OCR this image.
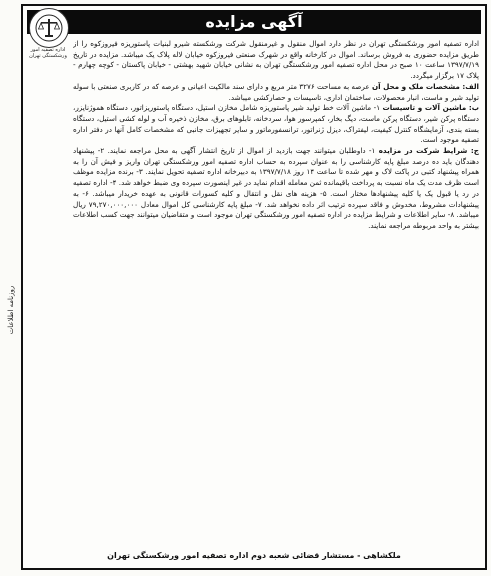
روزنامه اطلاعات
آگهی مزایده
اداره تصفیه امور ورشکستگی تهران

اداره تصفیه امور ورشکستگی تهران در نظر دارد اموال منقول و غیرمنقول شرکت ورشکسته شیرو لبنیات پاستوریزه فیروزکوه را از طریق مزایده حضوری به فروش برساند. اموال در کارخانه واقع در شهرک صنعتی فیروزکوه خیابان لاله پلاک یک میباشد. مزایده در تاریخ ۱۳۹۷/۷/۱۹ ساعت ۱۰ صبح در محل اداره تصفیه امور ورشکستگی تهران به نشانی خیابان شهید بهشتی - خیابان پاکستان - کوچه چهارم - پلاک ۱۷ برگزار میگردد.

الف: مشخصات ملک و محل آن عرصه به مساحت ۳۲۷۶ متر مربع و دارای سند مالکیت اعیانی و عرصه که در کاربری صنعتی با سوله تولید شیر و ماست، انبار محصولات، ساختمان اداری، تاسیسات و حصارکشی میباشد.

ب: ماشین آلات و تاسیسات ۱- ماشین آلات خط تولید شیر پاستوریزه شامل مخازن استیل، دستگاه پاستوریزاتور، دستگاه هموژنایزر، دستگاه پرکن شیر، دستگاه پرکن ماست، دیگ بخار، کمپرسور هوا، سردخانه، تابلوهای برق، مخازن ذخیره آب و لوله کشی استیل، دستگاه بسته بندی، آزمایشگاه کنترل کیفیت، لیفتراک، دیزل ژنراتور، ترانسفورماتور و سایر تجهیزات جانبی که مشخصات کامل آنها در دفتر اداره تصفیه موجود است.

ج: شرایط شرکت در مزایده ۱- داوطلبان میتوانند جهت بازدید از اموال از تاریخ انتشار آگهی به محل مراجعه نمایند. ۲- پیشنهاد دهندگان باید ده درصد مبلغ پایه کارشناسی را به عنوان سپرده به حساب اداره تصفیه امور ورشکستگی تهران واریز و فیش آن را به همراه پیشنهاد کتبی در پاکت لاک و مهر شده تا ساعت ۱۴ روز ۱۳۹۷/۷/۱۸ به دبیرخانه اداره تصفیه تحویل نمایند. ۳- برنده مزایده موظف است ظرف مدت یک ماه نسبت به پرداخت باقیمانده ثمن معامله اقدام نماید در غیر اینصورت سپرده وی ضبط خواهد شد. ۴- اداره تصفیه در رد یا قبول یک یا کلیه پیشنهادها مختار است. ۵- هزینه های نقل و انتقال و کلیه کسورات قانونی به عهده خریدار میباشد. ۶- به پیشنهادات مشروط، مخدوش و فاقد سپرده ترتیب اثر داده نخواهد شد. ۷- مبلغ پایه کارشناسی کل اموال معادل ۷۹,۲۷۰,۰۰۰,۰۰۰ ریال میباشد. ۸- سایر اطلاعات و شرایط مزایده در اداره تصفیه امور ورشکستگی تهران موجود است و متقاضیان میتوانند جهت کسب اطلاعات بیشتر به واحد مربوطه مراجعه نمایند.

ملکشاهی - مستشار قضائی شعبه دوم اداره تصفیه امور ورشکستگی تهران
